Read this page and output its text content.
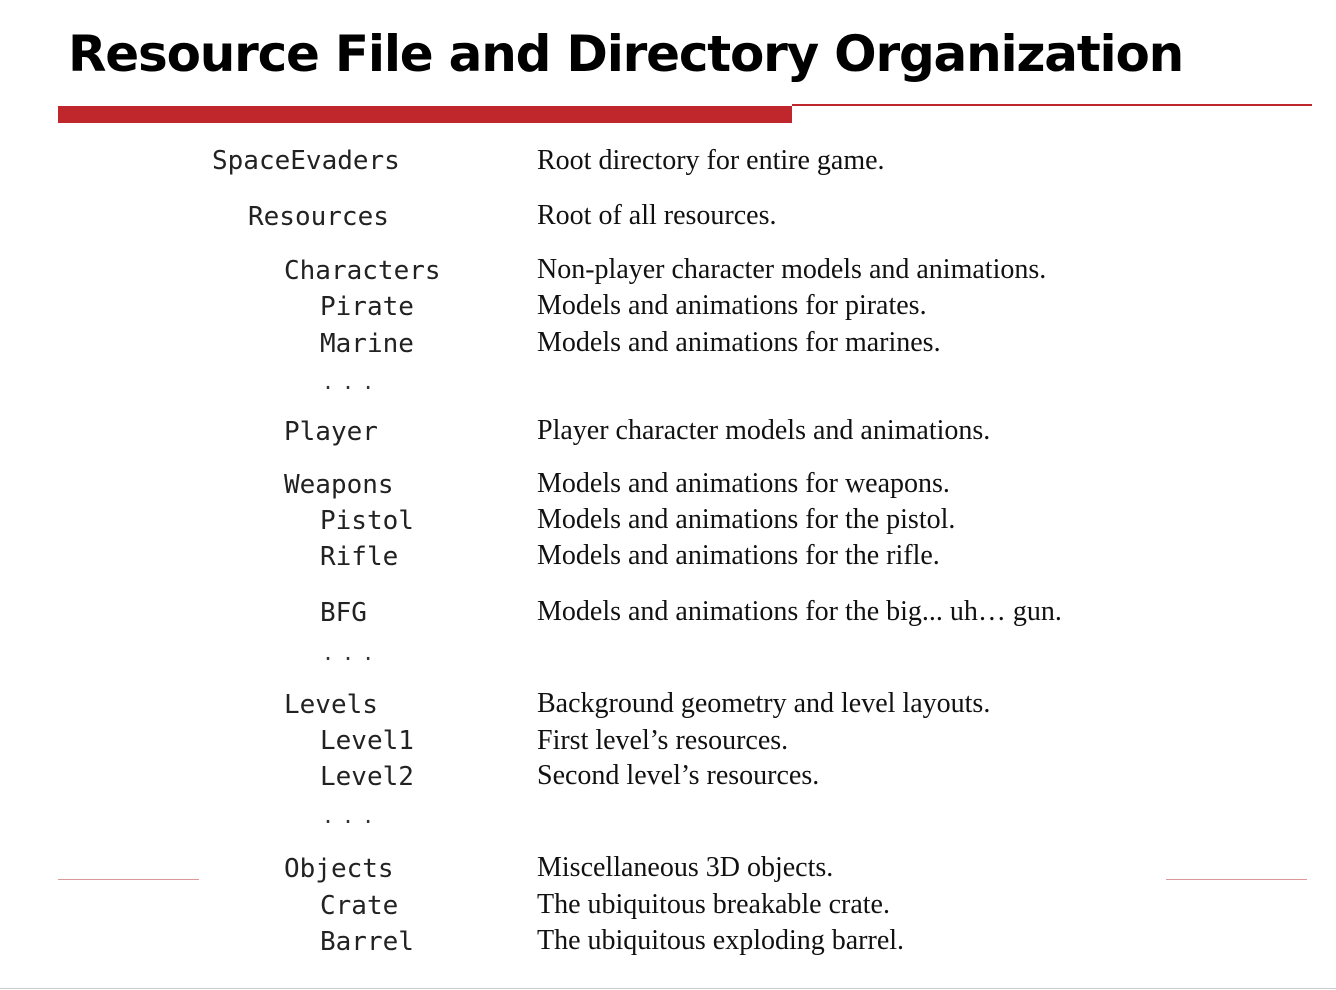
Resource File and Directory Organization
SpaceEvaders	Root directory for entire game.
Resources	Root of all resources.
Characters	Non-player character models and animations.
Pirate	Models and animations for pirates.
Marine	Models and animations for marines.
...
Player	Player character models and animations.
Weapons	Models and animations for weapons.
Pistol	Models and animations for the pistol.
Rifle	Models and animations for the rifle.
BFG	Models and animations for the big... uh… gun.
...
Levels	Background geometry and level layouts.
Level1	First level’s resources.
Level2	Second level’s resources.
...
Objects	Miscellaneous 3D objects.
Crate	The ubiquitous breakable crate.
Barrel	The ubiquitous exploding barrel.
